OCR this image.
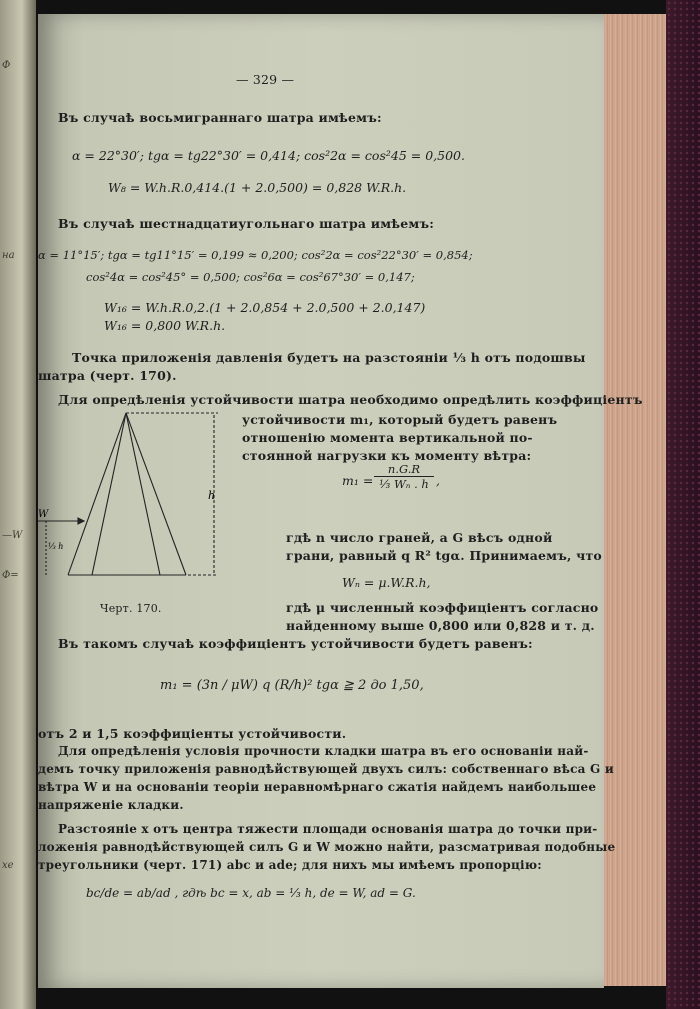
Ф
на
—W
Ф=
хе
— 329 —
Въ случаѣ восьмиграннаго шатра имѣемъ:
α = 22°30′; tgα = tg22°30′ = 0,414; cos²2α = cos²45 = 0,500.
W₈ = W.h.R.0,414.(1 + 2.0,500) = 0,828 W.R.h.
Въ случаѣ шестнадцатиугольнаго шатра имѣемъ:
α = 11°15′; tgα = tg11°15′ = 0,199 ≈ 0,200; cos²2α = cos²22°30′ = 0,854;
cos²4α = cos²45° = 0,500; cos²6α = cos²67°30′ = 0,147;
W₁₆ = W.h.R.0,2.(1 + 2.0,854 + 2.0,500 + 2.0,147)
W₁₆ = 0,800 W.R.h.
Точка приложенія давленія будетъ на разстояніи ¹⁄₃ h отъ подошвы
шатра (черт. 170).
Для опредѣленія устойчивости шатра необходимо опредѣлить коэффиціентъ
устойчивости m₁, который будетъ равенъ
отношенію момента вертикальной по-
стоянной нагрузки къ моменту вѣтра:
$m_1 = \frac{n.G.R}{\text{⅓ Wₙ . h}}$ ,
гдѣ n число граней, а G вѣсъ одной
грани, равный q R² tgα. Принимаемъ, что
Wₙ = μ.W.R.h,
гдѣ μ численный коэффиціентъ согласно
найденному выше 0,800 или 0,828 и т. д.
h
W
⅓ h
Черт. 170.
Въ такомъ случаѣ коэффиціентъ устойчивости будетъ равенъ:
m₁ = (3n / μW) q (R/h)² tgα ≧ 2 до 1,50,
отъ 2 и 1,5 коэффиціенты устойчивости.
Для опредѣленія условія прочности кладки шатра въ его основаніи най-
демъ точку приложенія равнодѣйствующей двухъ силъ: собственнаго вѣса G и
вѣтра W и на основаніи теоріи неравномѣрнаго сжатія найдемъ наибольшее
напряженіе кладки.
Разстояніе x отъ центра тяжести площади основанія шатра до точки при-
ложенія равнодѣйствующей силъ G и W можно найти, разсматривая подобные
треугольники (черт. 171) abc и ade; для нихъ мы имѣемъ пропорцію:
bc/de = ab/ad , гдѣ bc = x, ab = ⅓ h, de = W, ad = G.
